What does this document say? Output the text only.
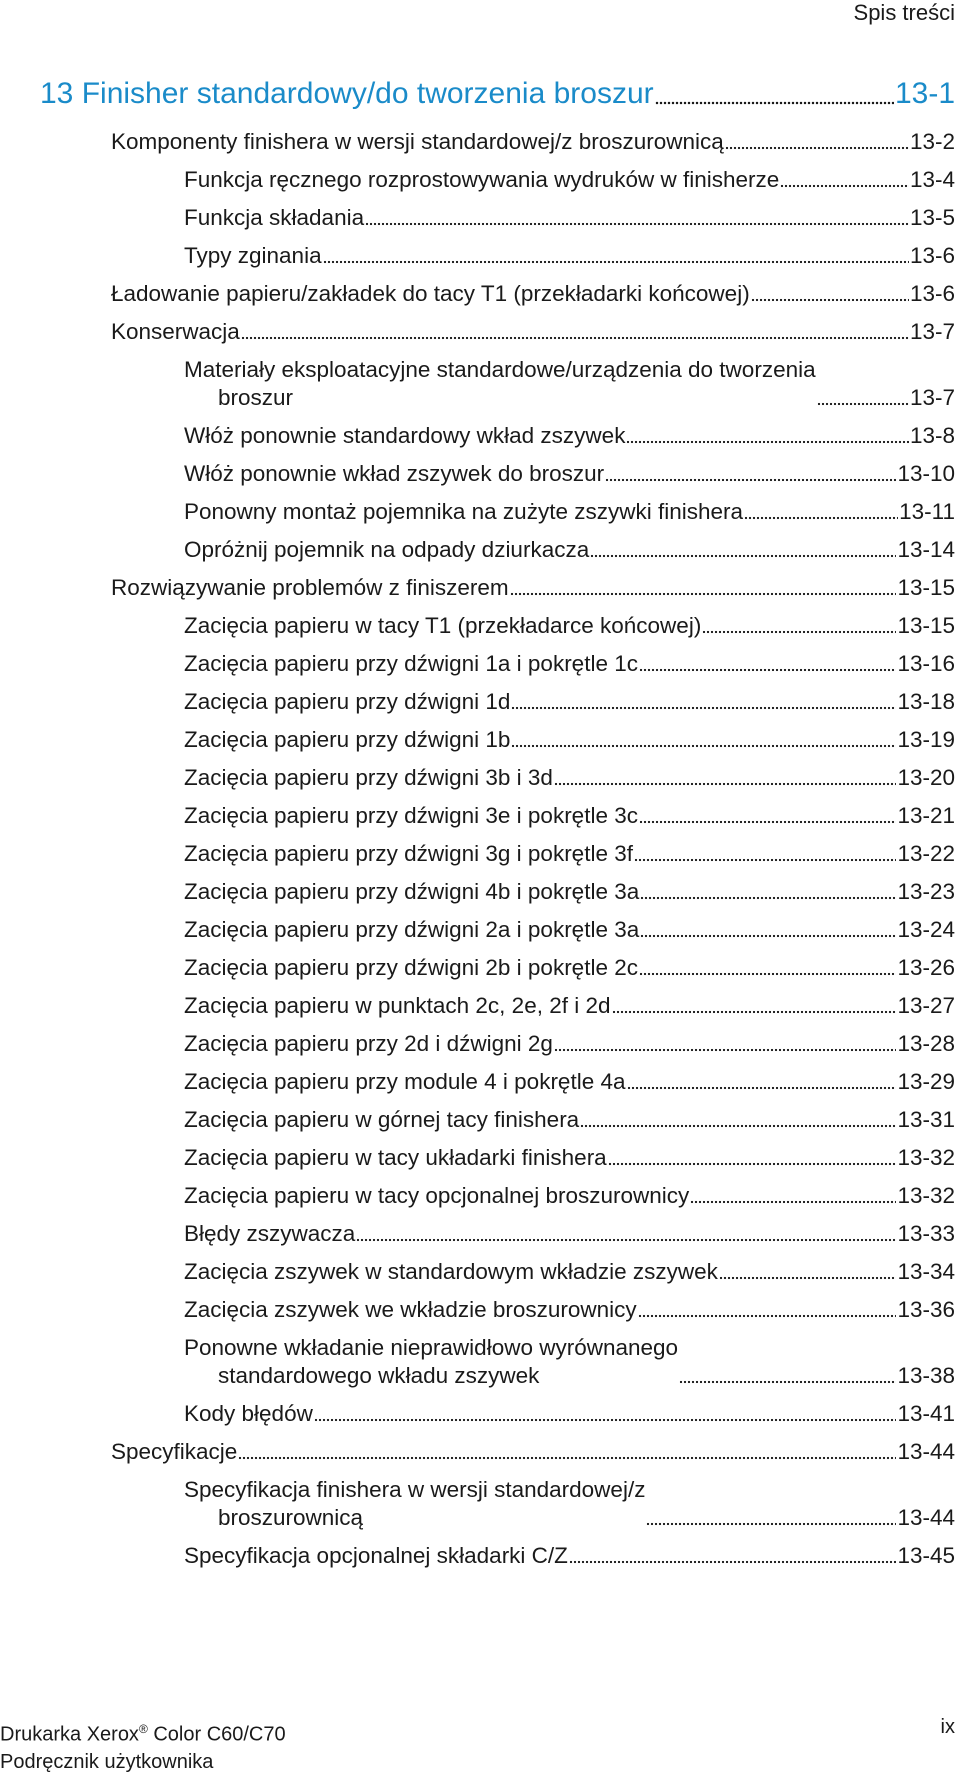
Spis treści
13 Finisher standardowy/do tworzenia broszur	13-1
Komponenty finishera w wersji standardowej/z broszurownicą	13-2
Funkcja ręcznego rozprostowywania wydruków w finisherze	13-4
Funkcja składania	13-5
Typy zginania	13-6
Ładowanie papieru/zakładek do tacy T1 (przekładarki końcowej)	13-6
Konserwacja	13-7
Materiały eksploatacyjne standardowe/urządzenia do tworzenia
broszur	13-7
Włóż ponownie standardowy wkład zszywek	13-8
Włóż ponownie wkład zszywek do broszur	13-10
Ponowny montaż pojemnika na zużyte zszywki finishera	13-11
Opróżnij pojemnik na odpady dziurkacza	13-14
Rozwiązywanie problemów z finiszerem	13-15
Zacięcia papieru w tacy T1 (przekładarce końcowej)	13-15
Zacięcia papieru przy dźwigni 1a i pokrętle 1c	13-16
Zacięcia papieru przy dźwigni 1d	13-18
Zacięcia papieru przy dźwigni 1b	13-19
Zacięcia papieru przy dźwigni 3b i 3d	13-20
Zacięcia papieru przy dźwigni 3e i pokrętle 3c	13-21
Zacięcia papieru przy dźwigni 3g i pokrętle 3f	13-22
Zacięcia papieru przy dźwigni 4b i pokrętle 3a	13-23
Zacięcia papieru przy dźwigni 2a i pokrętle 3a	13-24
Zacięcia papieru przy dźwigni 2b i pokrętle 2c	13-26
Zacięcia papieru w punktach 2c, 2e, 2f i 2d	13-27
Zacięcia papieru przy 2d i dźwigni 2g	13-28
Zacięcia papieru przy module 4 i pokrętle 4a	13-29
Zacięcia papieru w górnej tacy finishera	13-31
Zacięcia papieru w tacy układarki finishera	13-32
Zacięcia papieru w tacy opcjonalnej broszurownicy	13-32
Błędy zszywacza	13-33
Zacięcia zszywek w standardowym wkładzie zszywek	13-34
Zacięcia zszywek we wkładzie broszurownicy	13-36
Ponowne wkładanie nieprawidłowo wyrównanego
standardowego wkładu zszywek	13-38
Kody błędów	13-41
Specyfikacje	13-44
Specyfikacja finishera w wersji standardowej/z
broszurownicą	13-44
Specyfikacja opcjonalnej składarki C/Z	13-45
Drukarka Xerox® Color C60/C70
Podręcznik użytkownika
ix
